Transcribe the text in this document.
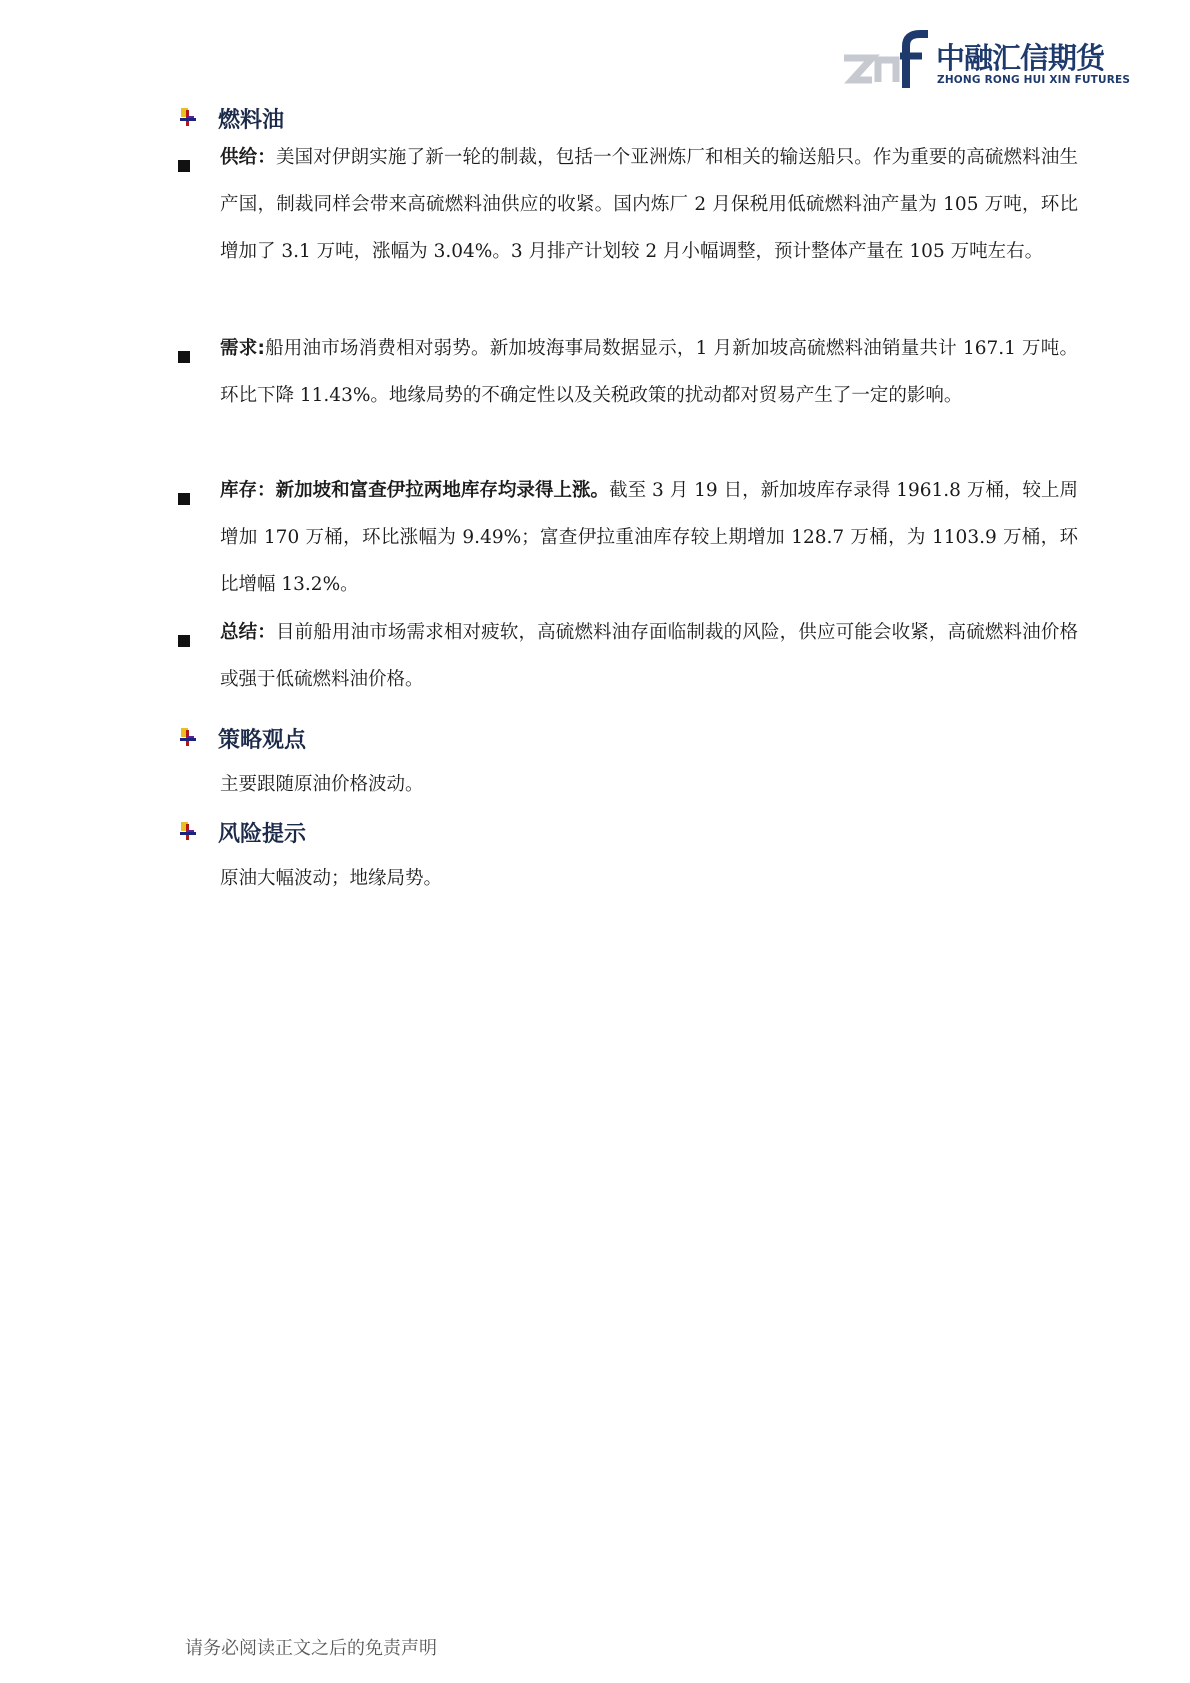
中融汇信期货
ZHONG RONG HUI XIN FUTURES
燃料油
供给：美国对伊朗实施了新一轮的制裁，包括一个亚洲炼厂和相关的输送船只。作为重要的高硫燃料油生产国，制裁同样会带来高硫燃料油供应的收紧。国内炼厂 2 月保税用低硫燃料油产量为 105 万吨，环比增加了 3.1 万吨，涨幅为 3.04%。3 月排产计划较 2 月小幅调整，预计整体产量在 105 万吨左右。
需求:船用油市场消费相对弱势。新加坡海事局数据显示，1 月新加坡高硫燃料油销量共计 167.1 万吨。环比下降 11.43%。地缘局势的不确定性以及关税政策的扰动都对贸易产生了一定的影响。
库存：新加坡和富查伊拉两地库存均录得上涨。截至 3 月 19 日，新加坡库存录得 1961.8 万桶，较上周增加 170 万桶，环比涨幅为 9.49%；富查伊拉重油库存较上期增加 128.7 万桶，为 1103.9 万桶，环比增幅 13.2%。
总结：目前船用油市场需求相对疲软，高硫燃料油存面临制裁的风险，供应可能会收紧，高硫燃料油价格或强于低硫燃料油价格。
策略观点
主要跟随原油价格波动。
风险提示
原油大幅波动；地缘局势。
请务必阅读正文之后的免责声明
